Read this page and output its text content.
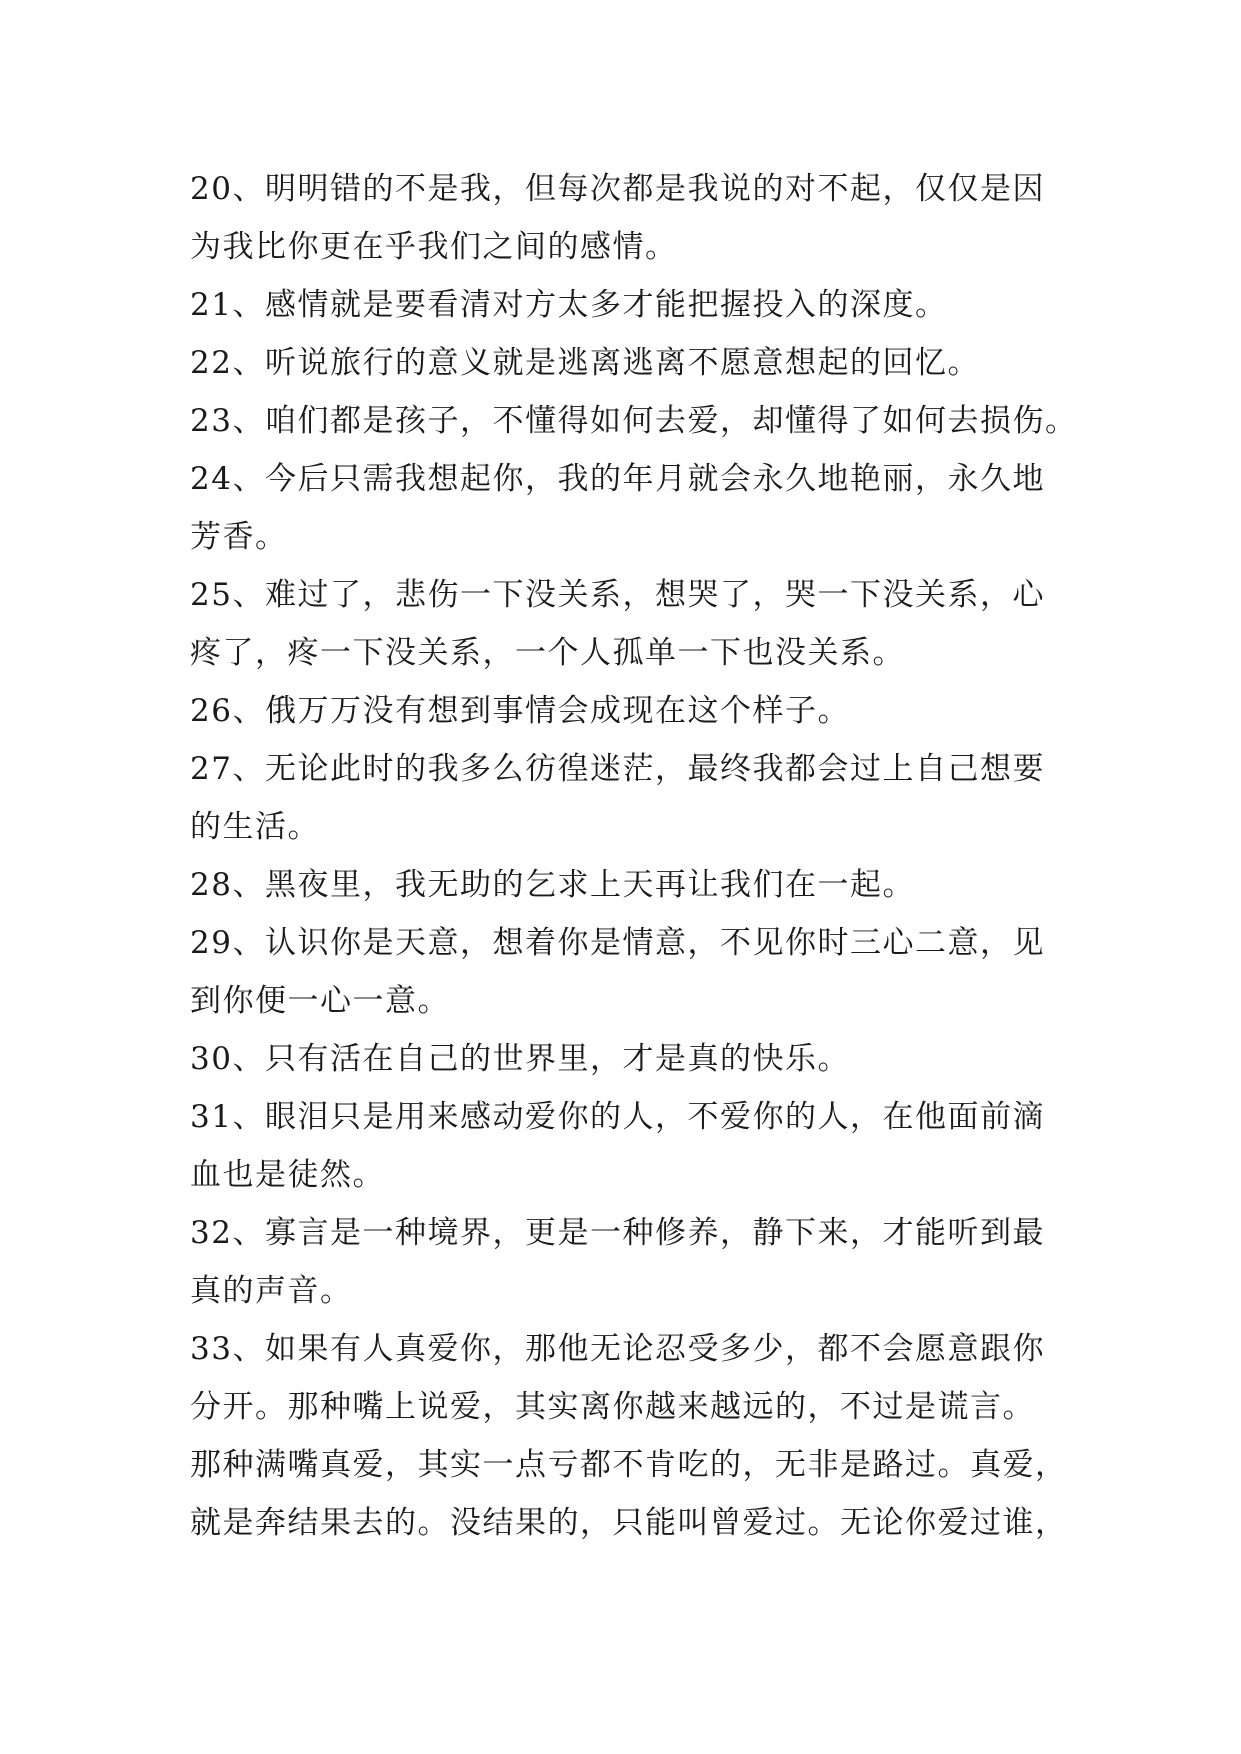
20、明明错的不是我，但每次都是我说的对不起，仅仅是因
为我比你更在乎我们之间的感情。
21、感情就是要看清对方太多才能把握投入的深度。
22、听说旅行的意义就是逃离逃离不愿意想起的回忆。
23、咱们都是孩子，不懂得如何去爱，却懂得了如何去损伤。
24、今后只需我想起你，我的年月就会永久地艳丽，永久地
芳香。
25、难过了，悲伤一下没关系，想哭了，哭一下没关系，心
疼了，疼一下没关系，一个人孤单一下也没关系。
26、俄万万没有想到事情会成现在这个样子。
27、无论此时的我多么彷徨迷茫，最终我都会过上自己想要
的生活。
28、黑夜里，我无助的乞求上天再让我们在一起。
29、认识你是天意，想着你是情意，不见你时三心二意，见
到你便一心一意。
30、只有活在自己的世界里，才是真的快乐。
31、眼泪只是用来感动爱你的人，不爱你的人，在他面前滴
血也是徒然。
32、寡言是一种境界，更是一种修养，静下来，才能听到最
真的声音。
33、如果有人真爱你，那他无论忍受多少，都不会愿意跟你
分开。那种嘴上说爱，其实离你越来越远的，不过是谎言。
那种满嘴真爱，其实一点亏都不肯吃的，无非是路过。真爱，
就是奔结果去的。没结果的，只能叫曾爱过。无论你爱过谁，
